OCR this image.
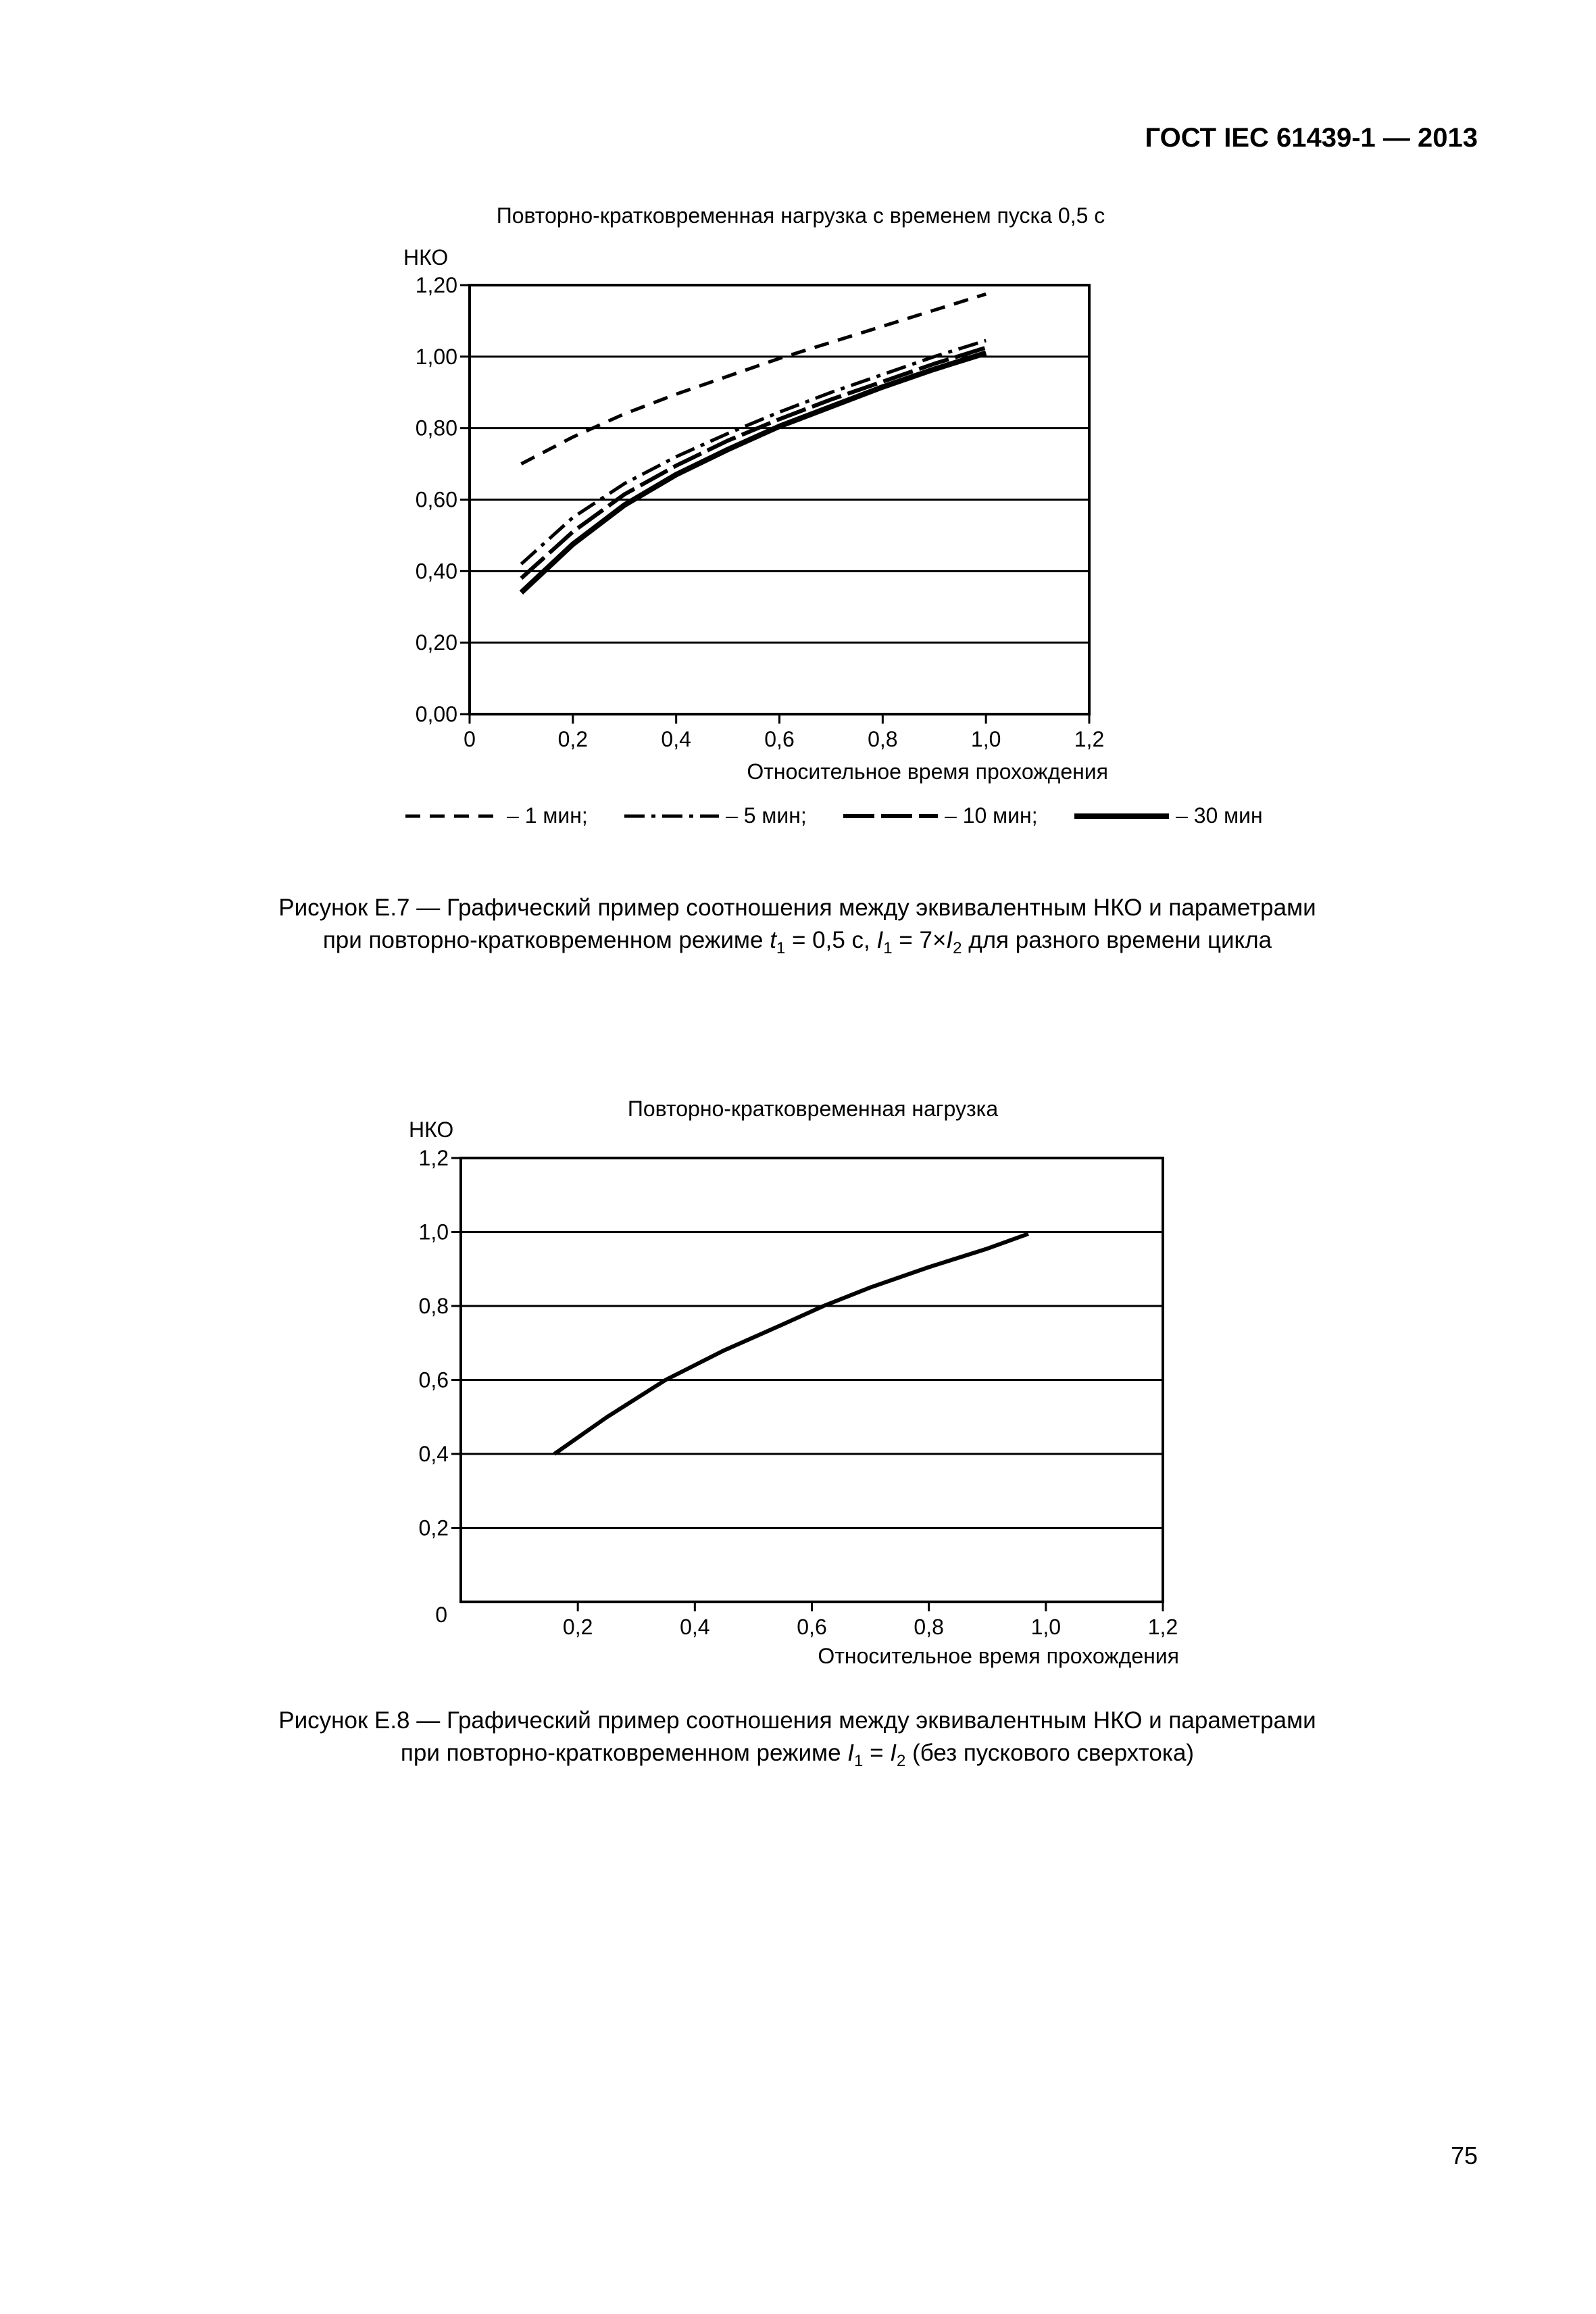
ГОСТ IEC 61439-1 — 2013
Повторно-кратковременная нагрузка с временем пуска 0,5 с
НКО
0,00
0,20
0,40
0,60
0,80
1,00
1,20
0	0,2	0,4	0,6	0,8	1,0	1,2
Относительное время прохождения
– 1 мин;	– 5 мин;	– 10 мин;	– 30 мин
Рисунок Е.7 — Графический пример соотношения между эквивалентным НКО и параметрами
при повторно-кратковременном режиме $t_1 = 0,5$ с, $I_1 = 7\times I_2$ для разного времени цикла
Повторно-кратковременная нагрузка
НКО
0,2
0,4
0,6
0,8
1,0
1,2
0,2	0,4	0,6	0,8	1,0	1,2
0
Относительное время прохождения
Рисунок Е.8 — Графический пример соотношения между эквивалентным НКО и параметрами
при повторно-кратковременном режиме $I_1 = I_2$ (без пускового сверхтока)
75
